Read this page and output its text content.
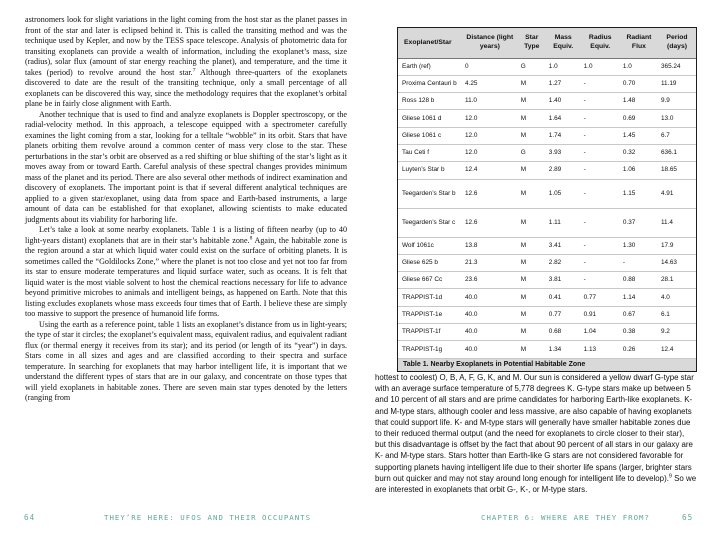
astronomers look for slight variations in the light coming from the host star as the planet passes in front of the star and later is eclipsed behind it. This is called the transiting method and was the technique used by Kepler, and now by the TESS space telescope. Analysis of photometric data for transiting exoplanets can provide a wealth of information, including the exoplanet’s mass, size (radius), solar flux (amount of star energy reaching the planet), and temperature, and the time it takes (period) to revolve around the host star.$^7$ Although three-quarters of the exoplanets discovered to date are the result of the transiting technique, only a small percentage of all exoplanets can be discovered this way, since the methodology requires that the exoplanet’s orbital plane be in fairly close alignment with Earth.

Another technique that is used to find and analyze exoplanets is Doppler spectroscopy, or the radial-velocity method. In this approach, a telescope equipped with a spectrometer carefully examines the light coming from a star, looking for a telltale “wobble” in its orbit. Stars that have planets orbiting them revolve around a common center of mass very close to the star. These perturbations in the star’s orbit are observed as a red shifting or blue shifting of the star’s light as it moves away from or toward Earth. Careful analysis of these spectral changes provides minimum mass of the planet and its period. There are also several other methods of indirect examination and discovery of exoplanets. The important point is that if several different analytical techniques are applied to a given star/exoplanet, using data from space and Earth-based instruments, a large amount of data can be established for that exoplanet, allowing scientists to make educated judgments about its viability for harboring life.

Let’s take a look at some nearby exoplanets. Table 1 is a listing of fifteen nearby (up to 40 light-years distant) exoplanets that are in their star’s habitable zone.$^8$ Again, the habitable zone is the region around a star at which liquid water could exist on the surface of orbiting planets. It is sometimes called the “Goldilocks Zone,” where the planet is not too close and yet not too far from its star to ensure moderate temperatures and liquid surface water, such as oceans. It is felt that liquid water is the most viable solvent to host the chemical reactions necessary for life to advance beyond primitive microbes to animals and intelligent beings, as happened on Earth. Note that this listing excludes exoplanets whose mass exceeds four times that of Earth. I believe these are simply too massive to support the presence of humanoid life forms.

Using the earth as a reference point, table 1 lists an exoplanet’s distance from us in light-years; the type of star it circles; the exoplanet’s equivalent mass, equivalent radius, and equivalent radiant flux (or thermal energy it receives from its star); and its period (or length of its “year”) in days. Stars come in all sizes and ages and are classified according to their spectra and surface temperature. In searching for exoplanets that may harbor intelligent life, it is important that we understand the different types of stars that are in our galaxy, and concentrate on those types that will yield exoplanets in habitable zones. There are seven main star types denoted by the letters (ranging from

64	THEY’RE HERE: UFOS AND THEIR OCCUPANTS
Exoplanet/Star	Distance (light years)	Star Type	Mass Equiv.	Radius Equiv.	Radiant Flux	Period (days)
Earth (ref)	0	G	1.0	1.0	1.0	365.24
Proxima Centauri b	4.25	M	1.27	-	0.70	11.19
Ross 128 b	11.0	M	1.40	-	1.48	9.9
Gliese 1061 d	12.0	M	1.64	-	0.69	13.0
Gliese 1061 c	12.0	M	1.74	-	1.45	6.7
Tau Ceti f	12.0	G	3.93	-	0.32	636.1
Luyten’s Star b	12.4	M	2.89	-	1.06	18.65
Teegarden’s Star b	12.6	M	1.05	-	1.15	4.91
Teegarden’s Star c	12.6	M	1.11	-	0.37	11.4
Wolf 1061c	13.8	M	3.41	-	1.30	17.9
Gliese 625 b	21.3	M	2.82	-	-	14.63
Gliese 667 Cc	23.6	M	3.81	-	0.88	28.1
TRAPPIST-1d	40.0	M	0.41	0.77	1.14	4.0
TRAPPIST-1e	40.0	M	0.77	0.91	0.67	6.1
TRAPPIST-1f	40.0	M	0.68	1.04	0.38	9.2
TRAPPIST-1g	40.0	M	1.34	1.13	0.26	12.4
Table 1. Nearby Exoplanets in Potential Habitable Zone						

hottest to coolest) O, B, A, F, G, K, and M. Our sun is considered a yellow dwarf G-type star with an average surface temperature of 5,778 degrees K. G-type stars make up between 5 and 10 percent of all stars and are prime candidates for harboring Earth-like exoplanets. K- and M-type stars, although cooler and less massive, are also capable of having exoplanets that could support life. K- and M-type stars will generally have smaller habitable zones due to their reduced thermal output (and the need for exoplanets to circle closer to their star), but this disadvantage is offset by the fact that about 90 percent of all stars in our galaxy are K- and M-type stars. Stars hotter than Earth-like G stars are not considered favorable for supporting planets having intelligent life due to their shorter life spans (larger, brighter stars burn out quicker and may not stay around long enough for intelligent life to develop).$^9$ So we are interested in exoplanets that orbit G-, K-, or M-type stars.

CHAPTER 6: WHERE ARE THEY FROM?	65
